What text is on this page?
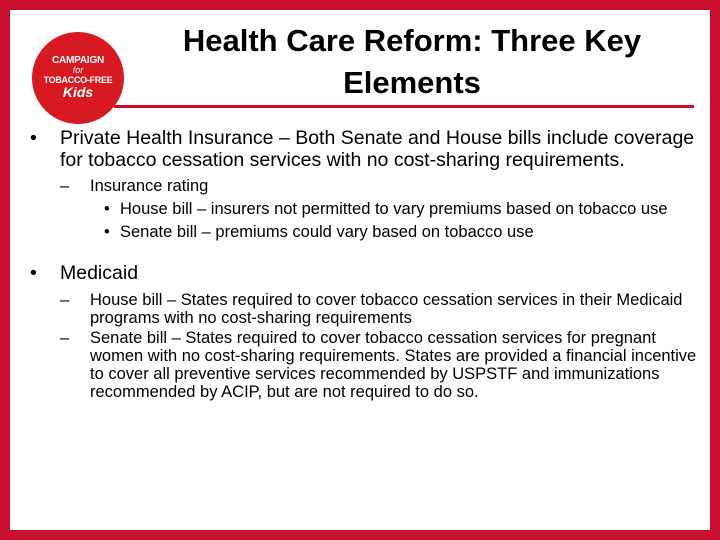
CAMPAIGN
for
TOBACCO-FREE
Kids
Health Care Reform: Three Key
Elements
• Private Health Insurance – Both Senate and House bills include coverage for tobacco cessation services with no cost-sharing requirements.
– Insurance rating
• House bill – insurers not permitted to vary premiums based on tobacco use
• Senate bill – premiums could vary based on tobacco use
• Medicaid
– House bill – States required to cover tobacco cessation services in their Medicaid programs with no cost-sharing requirements
– Senate bill – States required to cover tobacco cessation services for pregnant women with no cost-sharing requirements. States are provided a financial incentive to cover all preventive services recommended by USPSTF and immunizations recommended by ACIP, but are not required to do so.
